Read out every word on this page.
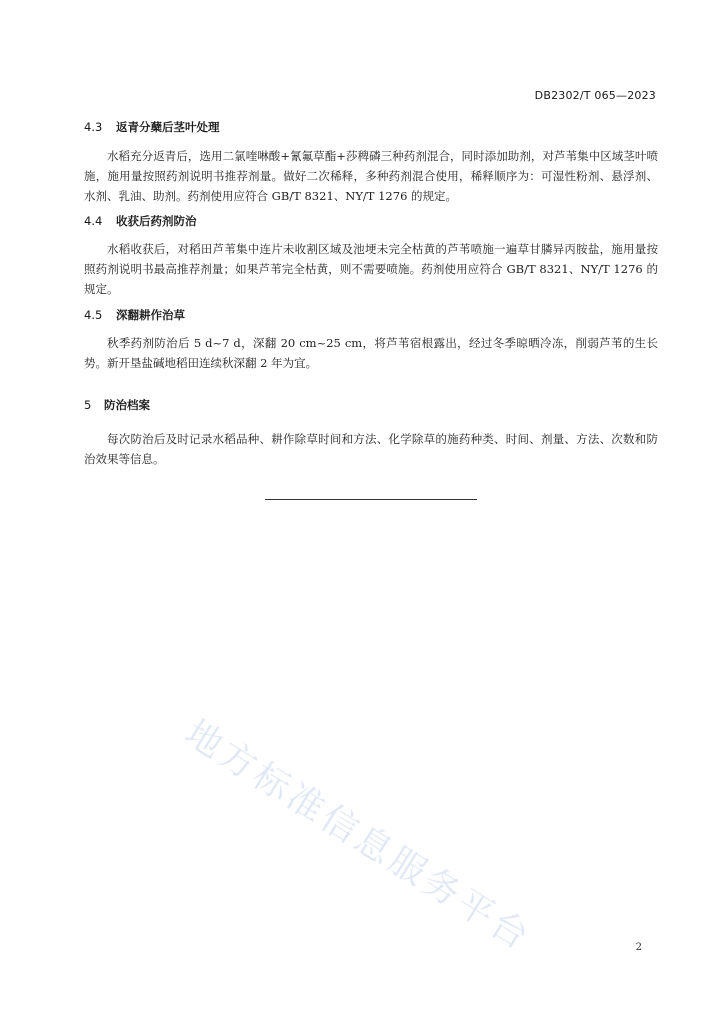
DB2302/T 065—2023
4.3 返青分蘖后茎叶处理
水稻充分返青后，选用二氯喹啉酸+氰氟草酯+莎稗磷三种药剂混合，同时添加助剂，对芦苇集中区域茎叶喷施，施用量按照药剂说明书推荐剂量。做好二次稀释，多种药剂混合使用，稀释顺序为：可湿性粉剂、悬浮剂、水剂、乳油、助剂。药剂使用应符合 GB/T 8321、NY/T 1276 的规定。
4.4 收获后药剂防治
水稻收获后，对稻田芦苇集中连片未收割区域及池埂未完全枯黄的芦苇喷施一遍草甘膦异丙胺盐，施用量按照药剂说明书最高推荐剂量；如果芦苇完全枯黄，则不需要喷施。药剂使用应符合 GB/T 8321、NY/T 1276 的规定。
4.5 深翻耕作治草
秋季药剂防治后 5 d~7 d，深翻 20 cm~25 cm，将芦苇宿根露出，经过冬季晾晒冷冻，削弱芦苇的生长势。新开垦盐碱地稻田连续秋深翻 2 年为宜。
5 防治档案
每次防治后及时记录水稻品种、耕作除草时间和方法、化学除草的施药种类、时间、剂量、方法、次数和防治效果等信息。
地方标准信息服务平台	2
